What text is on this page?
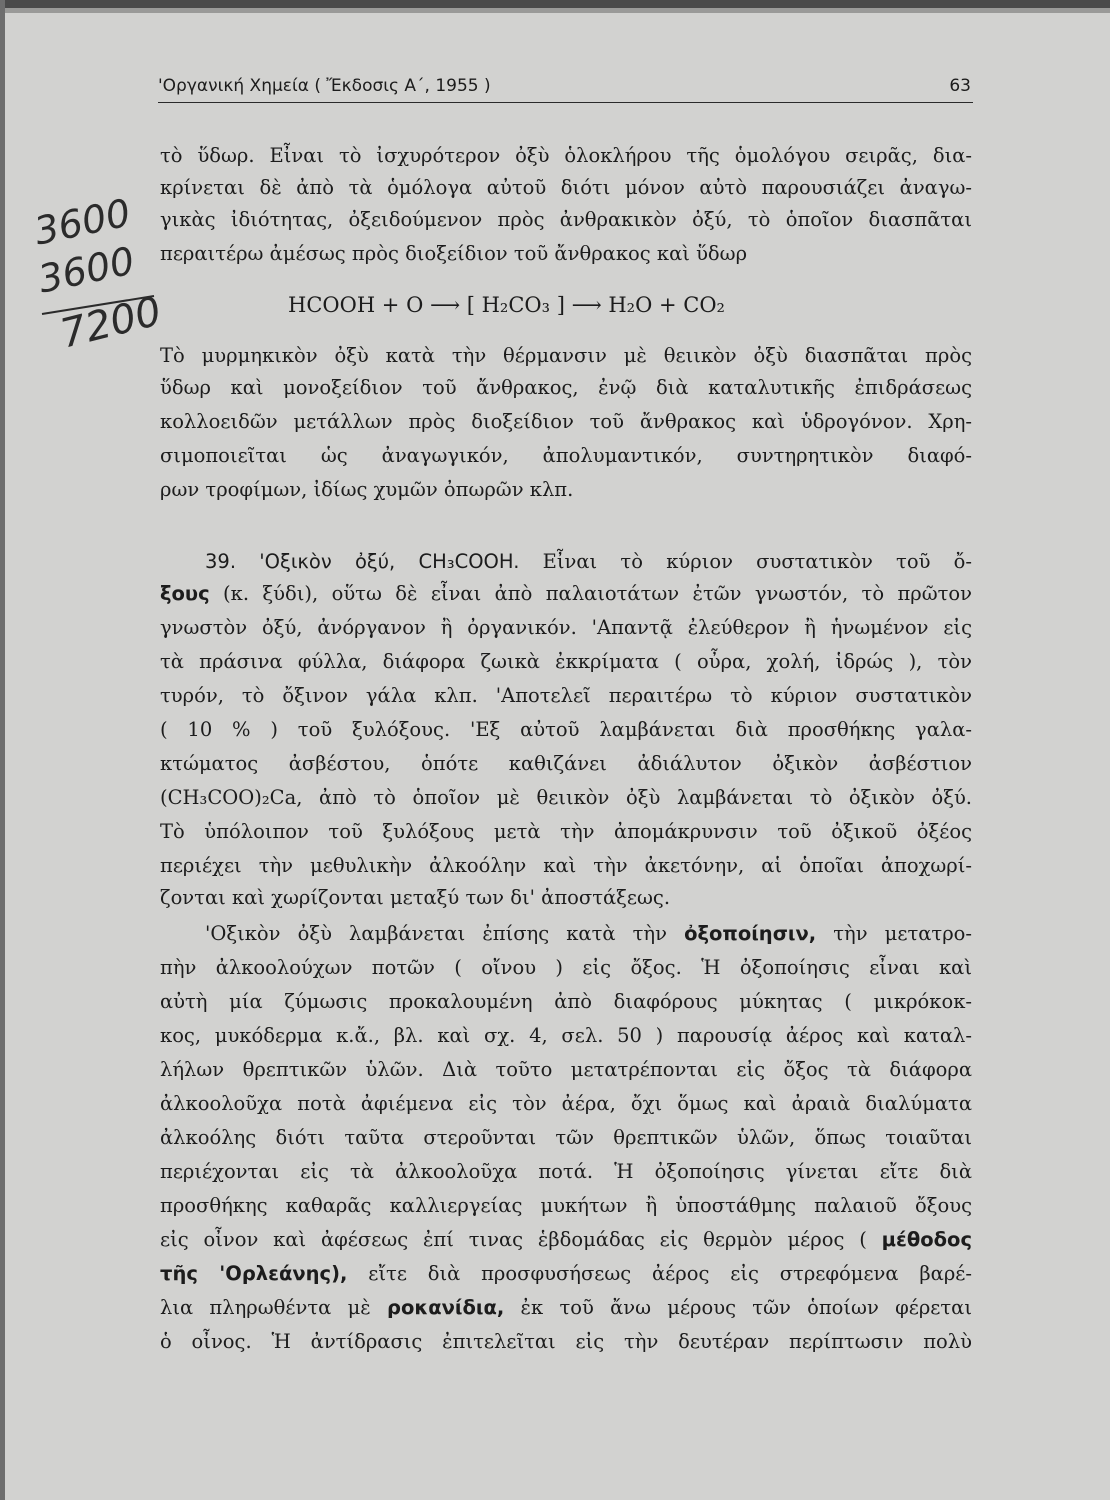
'Οργανική Χημεία ( Ἔκδοσις Α΄, 1955 )	63
3600
3600
7200
τὸ ὕδωρ. Εἶναι τὸ ἰσχυρότερον ὀξὺ ὁλοκλήρου τῆς ὁμολόγου σειρᾶς, δια-
κρίνεται δὲ ἀπὸ τὰ ὁμόλογα αὐτοῦ διότι μόνον αὐτὸ παρουσιάζει ἀναγω-
γικὰς ἰδιότητας, ὀξειδούμενον πρὸς ἀνθρακικὸν ὀξύ, τὸ ὁποῖον διασπᾶται
περαιτέρω ἀμέσως πρὸς διοξείδιον τοῦ ἄνθρακος καὶ ὕδωρ
HCOOH + O ⟶ [ H₂CO₃ ] ⟶ H₂O + CO₂
Τὸ μυρμηκικὸν ὀξὺ κατὰ τὴν θέρμανσιν μὲ θειικὸν ὀξὺ διασπᾶται πρὸς
ὕδωρ καὶ μονοξείδιον τοῦ ἄνθρακος, ἐνῷ διὰ καταλυτικῆς ἐπιδράσεως
κολλοειδῶν μετάλλων πρὸς διοξείδιον τοῦ ἄνθρακος καὶ ὑδρογόνον. Χρη-
σιμοποιεῖται ὡς ἀναγωγικόν, ἀπολυμαντικόν, συντηρητικὸν διαφό-
ρων τροφίμων, ἰδίως χυμῶν ὀπωρῶν κλπ.
39. 'Οξικὸν ὀξύ, CH₃COOH. Εἶναι τὸ κύριον συστατικὸν τοῦ ὄ-
ξους (κ. ξύδι), οὕτω δὲ εἶναι ἀπὸ παλαιοτάτων ἐτῶν γνωστόν, τὸ πρῶτον
γνωστὸν ὀξύ, ἀνόργανον ἢ ὀργανικόν. 'Απαντᾷ ἐλεύθερον ἢ ἡνωμένον εἰς
τὰ πράσινα φύλλα, διάφορα ζωικὰ ἐκκρίματα ( οὖρα, χολή, ἱδρώς ), τὸν
τυρόν, τὸ ὄξινον γάλα κλπ. 'Αποτελεῖ περαιτέρω τὸ κύριον συστατικὸν
( 10 % ) τοῦ ξυλόξους. 'Εξ αὐτοῦ λαμβάνεται διὰ προσθήκης γαλα-
κτώματος ἀσβέστου, ὁπότε καθιζάνει ἀδιάλυτον ὀξικὸν ἀσβέστιον
(CH₃COO)₂Ca, ἀπὸ τὸ ὁποῖον μὲ θειικὸν ὀξὺ λαμβάνεται τὸ ὀξικὸν ὀξύ.
Τὸ ὑπόλοιπον τοῦ ξυλόξους μετὰ τὴν ἀπομάκρυνσιν τοῦ ὀξικοῦ ὀξέος
περιέχει τὴν μεθυλικὴν ἀλκοόλην καὶ τὴν ἀκετόνην, αἱ ὁποῖαι ἀποχωρί-
ζονται καὶ χωρίζονται μεταξύ των δι' ἀποστάξεως.
'Οξικὸν ὀξὺ λαμβάνεται ἐπίσης κατὰ τὴν ὀξοποίησιν, τὴν μετατρο-
πὴν ἀλκοολούχων ποτῶν ( οἴνου ) εἰς ὄξος. Ἡ ὀξοποίησις εἶναι καὶ
αὐτὴ μία ζύμωσις προκαλουμένη ἀπὸ διαφόρους μύκητας ( μικρόκοκ-
κος, μυκόδερμα κ.ἄ., βλ. καὶ σχ. 4, σελ. 50 ) παρουσίᾳ ἀέρος καὶ καταλ-
λήλων θρεπτικῶν ὑλῶν. Διὰ τοῦτο μετατρέπονται εἰς ὄξος τὰ διάφορα
ἀλκοολοῦχα ποτὰ ἀφιέμενα εἰς τὸν ἀέρα, ὄχι ὅμως καὶ ἀραιὰ διαλύματα
ἀλκοόλης διότι ταῦτα στεροῦνται τῶν θρεπτικῶν ὑλῶν, ὅπως τοιαῦται
περιέχονται εἰς τὰ ἀλκοολοῦχα ποτά. Ἡ ὀξοποίησις γίνεται εἴτε διὰ
προσθήκης καθαρᾶς καλλιεργείας μυκήτων ἢ ὑποστάθμης παλαιοῦ ὄξους
εἰς οἶνον καὶ ἀφέσεως ἐπί τινας ἑβδομάδας εἰς θερμὸν μέρος ( μέθοδος
τῆς 'Ορλεάνης), εἴτε διὰ προσφυσήσεως ἀέρος εἰς στρεφόμενα βαρέ-
λια πληρωθέντα μὲ ροκανίδια, ἐκ τοῦ ἄνω μέρους τῶν ὁποίων φέρεται
ὁ οἶνος. Ἡ ἀντίδρασις ἐπιτελεῖται εἰς τὴν δευτέραν περίπτωσιν πολὺ
